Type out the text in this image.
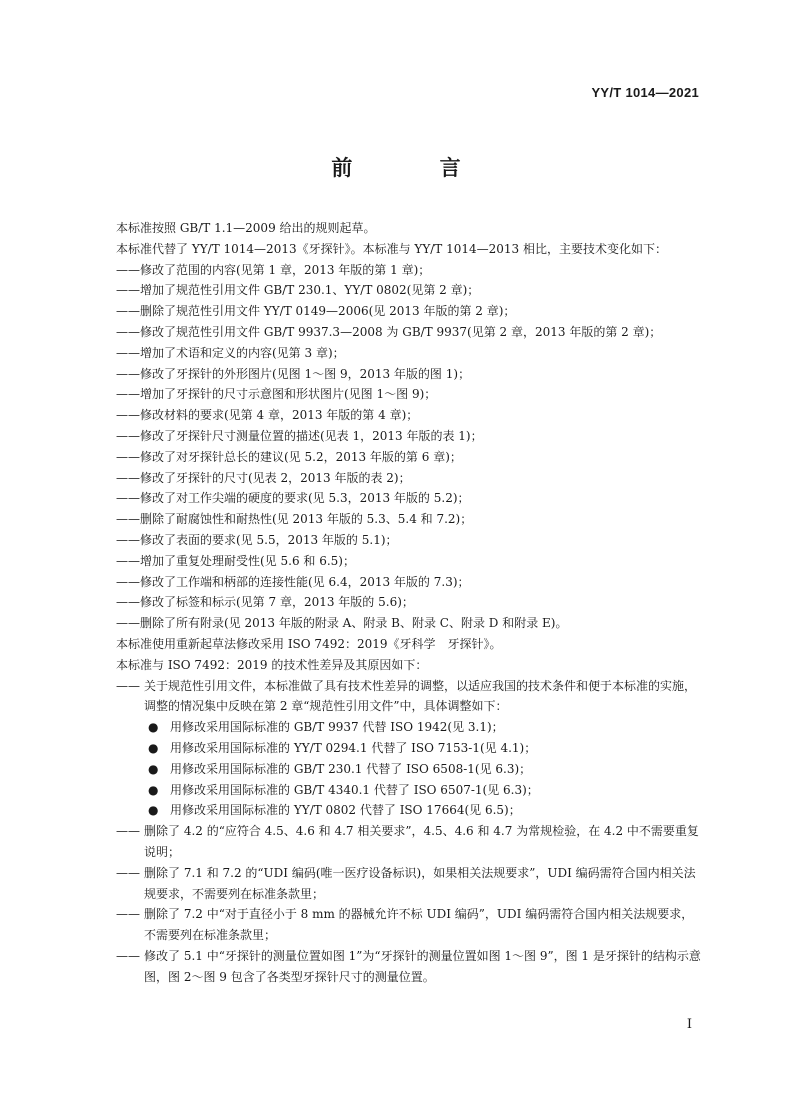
YY/T 1014—2021
前 言

本标准按照 GB/T 1.1—2009 给出的规则起草。

本标准代替了 YY/T 1014—2013《牙探针》。本标准与 YY/T 1014—2013 相比，主要技术变化如下：

——修改了范围的内容(见第 1 章，2013 年版的第 1 章)；

——增加了规范性引用文件 GB/T 230.1、YY/T 0802(见第 2 章)；

——删除了规范性引用文件 YY/T 0149—2006(见 2013 年版的第 2 章)；

——修改了规范性引用文件 GB/T 9937.3—2008 为 GB/T 9937(见第 2 章，2013 年版的第 2 章)；

——增加了术语和定义的内容(见第 3 章)；

——修改了牙探针的外形图片(见图 1～图 9，2013 年版的图 1)；

——增加了牙探针的尺寸示意图和形状图片(见图 1～图 9)；

——修改材料的要求(见第 4 章，2013 年版的第 4 章)；

——修改了牙探针尺寸测量位置的描述(见表 1，2013 年版的表 1)；

——修改了对牙探针总长的建议(见 5.2，2013 年版的第 6 章)；

——修改了牙探针的尺寸(见表 2，2013 年版的表 2)；

——修改了对工作尖端的硬度的要求(见 5.3，2013 年版的 5.2)；

——删除了耐腐蚀性和耐热性(见 2013 年版的 5.3、5.4 和 7.2)；

——修改了表面的要求(见 5.5，2013 年版的 5.1)；

——增加了重复处理耐受性(见 5.6 和 6.5)；

——修改了工作端和柄部的连接性能(见 6.4，2013 年版的 7.3)；

——修改了标签和标示(见第 7 章，2013 年版的 5.6)；

——删除了所有附录(见 2013 年版的附录 A、附录 B、附录 C、附录 D 和附录 E)。

本标准使用重新起草法修改采用 ISO 7492：2019《牙科学　牙探针》。

本标准与 ISO 7492：2019 的技术性差异及其原因如下：

—— 关于规范性引用文件，本标准做了具有技术性差异的调整，以适应我国的技术条件和便于本标准的实施，调整的情况集中反映在第 2 章“规范性引用文件”中，具体调整如下：
● 用修改采用国际标准的 GB/T 9937 代替 ISO 1942(见 3.1)；
● 用修改采用国际标准的 YY/T 0294.1 代替了 ISO 7153-1(见 4.1)；
● 用修改采用国际标准的 GB/T 230.1 代替了 ISO 6508-1(见 6.3)；
● 用修改采用国际标准的 GB/T 4340.1 代替了 ISO 6507-1(见 6.3)；
● 用修改采用国际标准的 YY/T 0802 代替了 ISO 17664(见 6.5)；
—— 删除了 4.2 的“应符合 4.5、4.6 和 4.7 相关要求”，4.5、4.6 和 4.7 为常规检验，在 4.2 中不需要重复说明；
—— 删除了 7.1 和 7.2 的“UDI 编码(唯一医疗设备标识)，如果相关法规要求”，UDI 编码需符合国内相关法规要求，不需要列在标准条款里；
—— 删除了 7.2 中“对于直径小于 8 mm 的器械允许不标 UDI 编码”，UDI 编码需符合国内相关法规要求，不需要列在标准条款里；
—— 修改了 5.1 中“牙探针的测量位置如图 1”为“牙探针的测量位置如图 1～图 9”，图 1 是牙探针的结构示意图，图 2～图 9 包含了各类型牙探针尺寸的测量位置。
I
